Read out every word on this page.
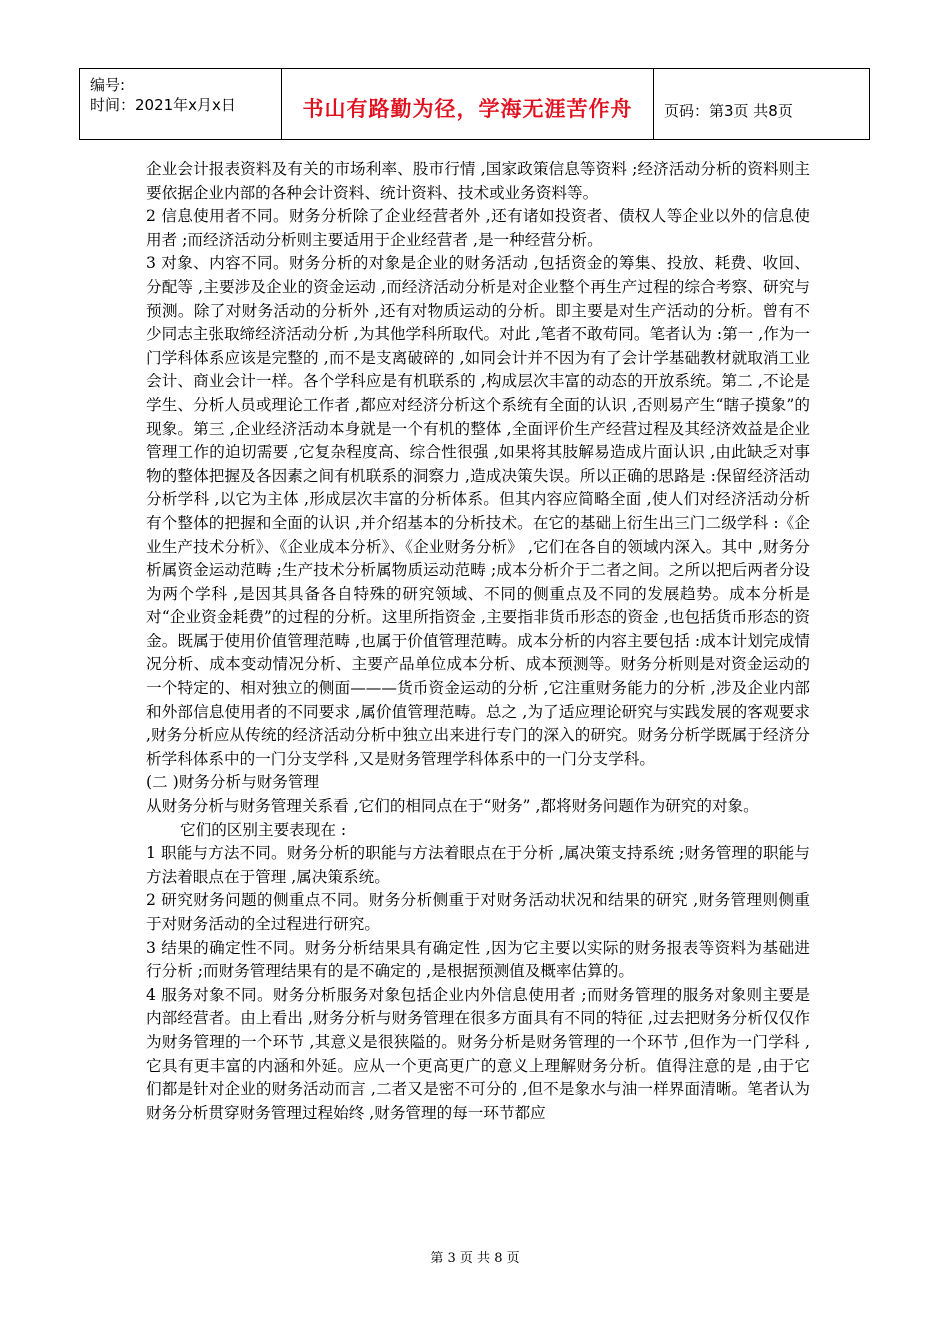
编号:
时间：2021年x月x日	书山有路勤为径，学海无涯苦作舟 页码：第3页 共8页

企业会计报表资料及有关的市场利率、股市行情 ,国家政策信息等资料 ;经济活动分析的资料则主要依据企业内部的各种会计资料、统计资料、技术或业务资料等。

2 信息使用者不同。财务分析除了企业经营者外 ,还有诸如投资者、债权人等企业以外的信息使用者 ;而经济活动分析则主要适用于企业经营者 ,是一种经营分析。

3 对象、内容不同。财务分析的对象是企业的财务活动 ,包括资金的筹集、投放、耗费、收回、分配等 ,主要涉及企业的资金运动 ,而经济活动分析是对企业整个再生产过程的综合考察、研究与预测。除了对财务活动的分析外 ,还有对物质运动的分析。即主要是对生产活动的分析。曾有不少同志主张取缔经济活动分析 ,为其他学科所取代。对此 ,笔者不敢苟同。笔者认为 :第一 ,作为一门学科体系应该是完整的 ,而不是支离破碎的 ,如同会计并不因为有了会计学基础教材就取消工业会计、商业会计一样。各个学科应是有机联系的 ,构成层次丰富的动态的开放系统。第二 ,不论是学生、分析人员或理论工作者 ,都应对经济分析这个系统有全面的认识 ,否则易产生“瞎子摸象”的现象。第三 ,企业经济活动本身就是一个有机的整体 ,全面评价生产经营过程及其经济效益是企业管理工作的迫切需要 ,它复杂程度高、综合性很强 ,如果将其肢解易造成片面认识 ,由此缺乏对事物的整体把握及各因素之间有机联系的洞察力 ,造成决策失误。所以正确的思路是 :保留经济活动分析学科 ,以它为主体 ,形成层次丰富的分析体系。但其内容应简略全面 ,使人们对经济活动分析有个整体的把握和全面的认识 ,并介绍基本的分析技术。在它的基础上衍生出三门二级学科 :《企业生产技术分析》、《企业成本分析》、《企业财务分析》 ,它们在各自的领域内深入。其中 ,财务分析属资金运动范畴 ;生产技术分析属物质运动范畴 ;成本分析介于二者之间。之所以把后两者分设为两个学科 ,是因其具备各自特殊的研究领域、不同的侧重点及不同的发展趋势。成本分析是对“企业资金耗费”的过程的分析。这里所指资金 ,主要指非货币形态的资金 ,也包括货币形态的资金。既属于使用价值管理范畴 ,也属于价值管理范畴。成本分析的内容主要包括 :成本计划完成情况分析、成本变动情况分析、主要产品单位成本分析、成本预测等。财务分析则是对资金运动的一个特定的、相对独立的侧面———货币资金运动的分析 ,它注重财务能力的分析 ,涉及企业内部和外部信息使用者的不同要求 ,属价值管理范畴。总之 ,为了适应理论研究与实践发展的客观要求 ,财务分析应从传统的经济活动分析中独立出来进行专门的深入的研究。财务分析学既属于经济分析学科体系中的一门分支学科 ,又是财务管理学科体系中的一门分支学科。

(二 )财务分析与财务管理

从财务分析与财务管理关系看 ,它们的相同点在于“财务” ,都将财务问题作为研究的对象。

它们的区别主要表现在 :

1 职能与方法不同。财务分析的职能与方法着眼点在于分析 ,属决策支持系统 ;财务管理的职能与方法着眼点在于管理 ,属决策系统。

2 研究财务问题的侧重点不同。财务分析侧重于对财务活动状况和结果的研究 ,财务管理则侧重于对财务活动的全过程进行研究。

3 结果的确定性不同。财务分析结果具有确定性 ,因为它主要以实际的财务报表等资料为基础进行分析 ;而财务管理结果有的是不确定的 ,是根据预测值及概率估算的。

4 服务对象不同。财务分析服务对象包括企业内外信息使用者 ;而财务管理的服务对象则主要是内部经营者。由上看出 ,财务分析与财务管理在很多方面具有不同的特征 ,过去把财务分析仅仅作为财务管理的一个环节 ,其意义是很狭隘的。财务分析是财务管理的一个环节 ,但作为一门学科 ,它具有更丰富的内涵和外延。应从一个更高更广的意义上理解财务分析。值得注意的是 ,由于它们都是针对企业的财务活动而言 ,二者又是密不可分的 ,但不是象水与油一样界面清晰。笔者认为财务分析贯穿财务管理过程始终 ,财务管理的每一环节都应

第 3 页 共 8 页
